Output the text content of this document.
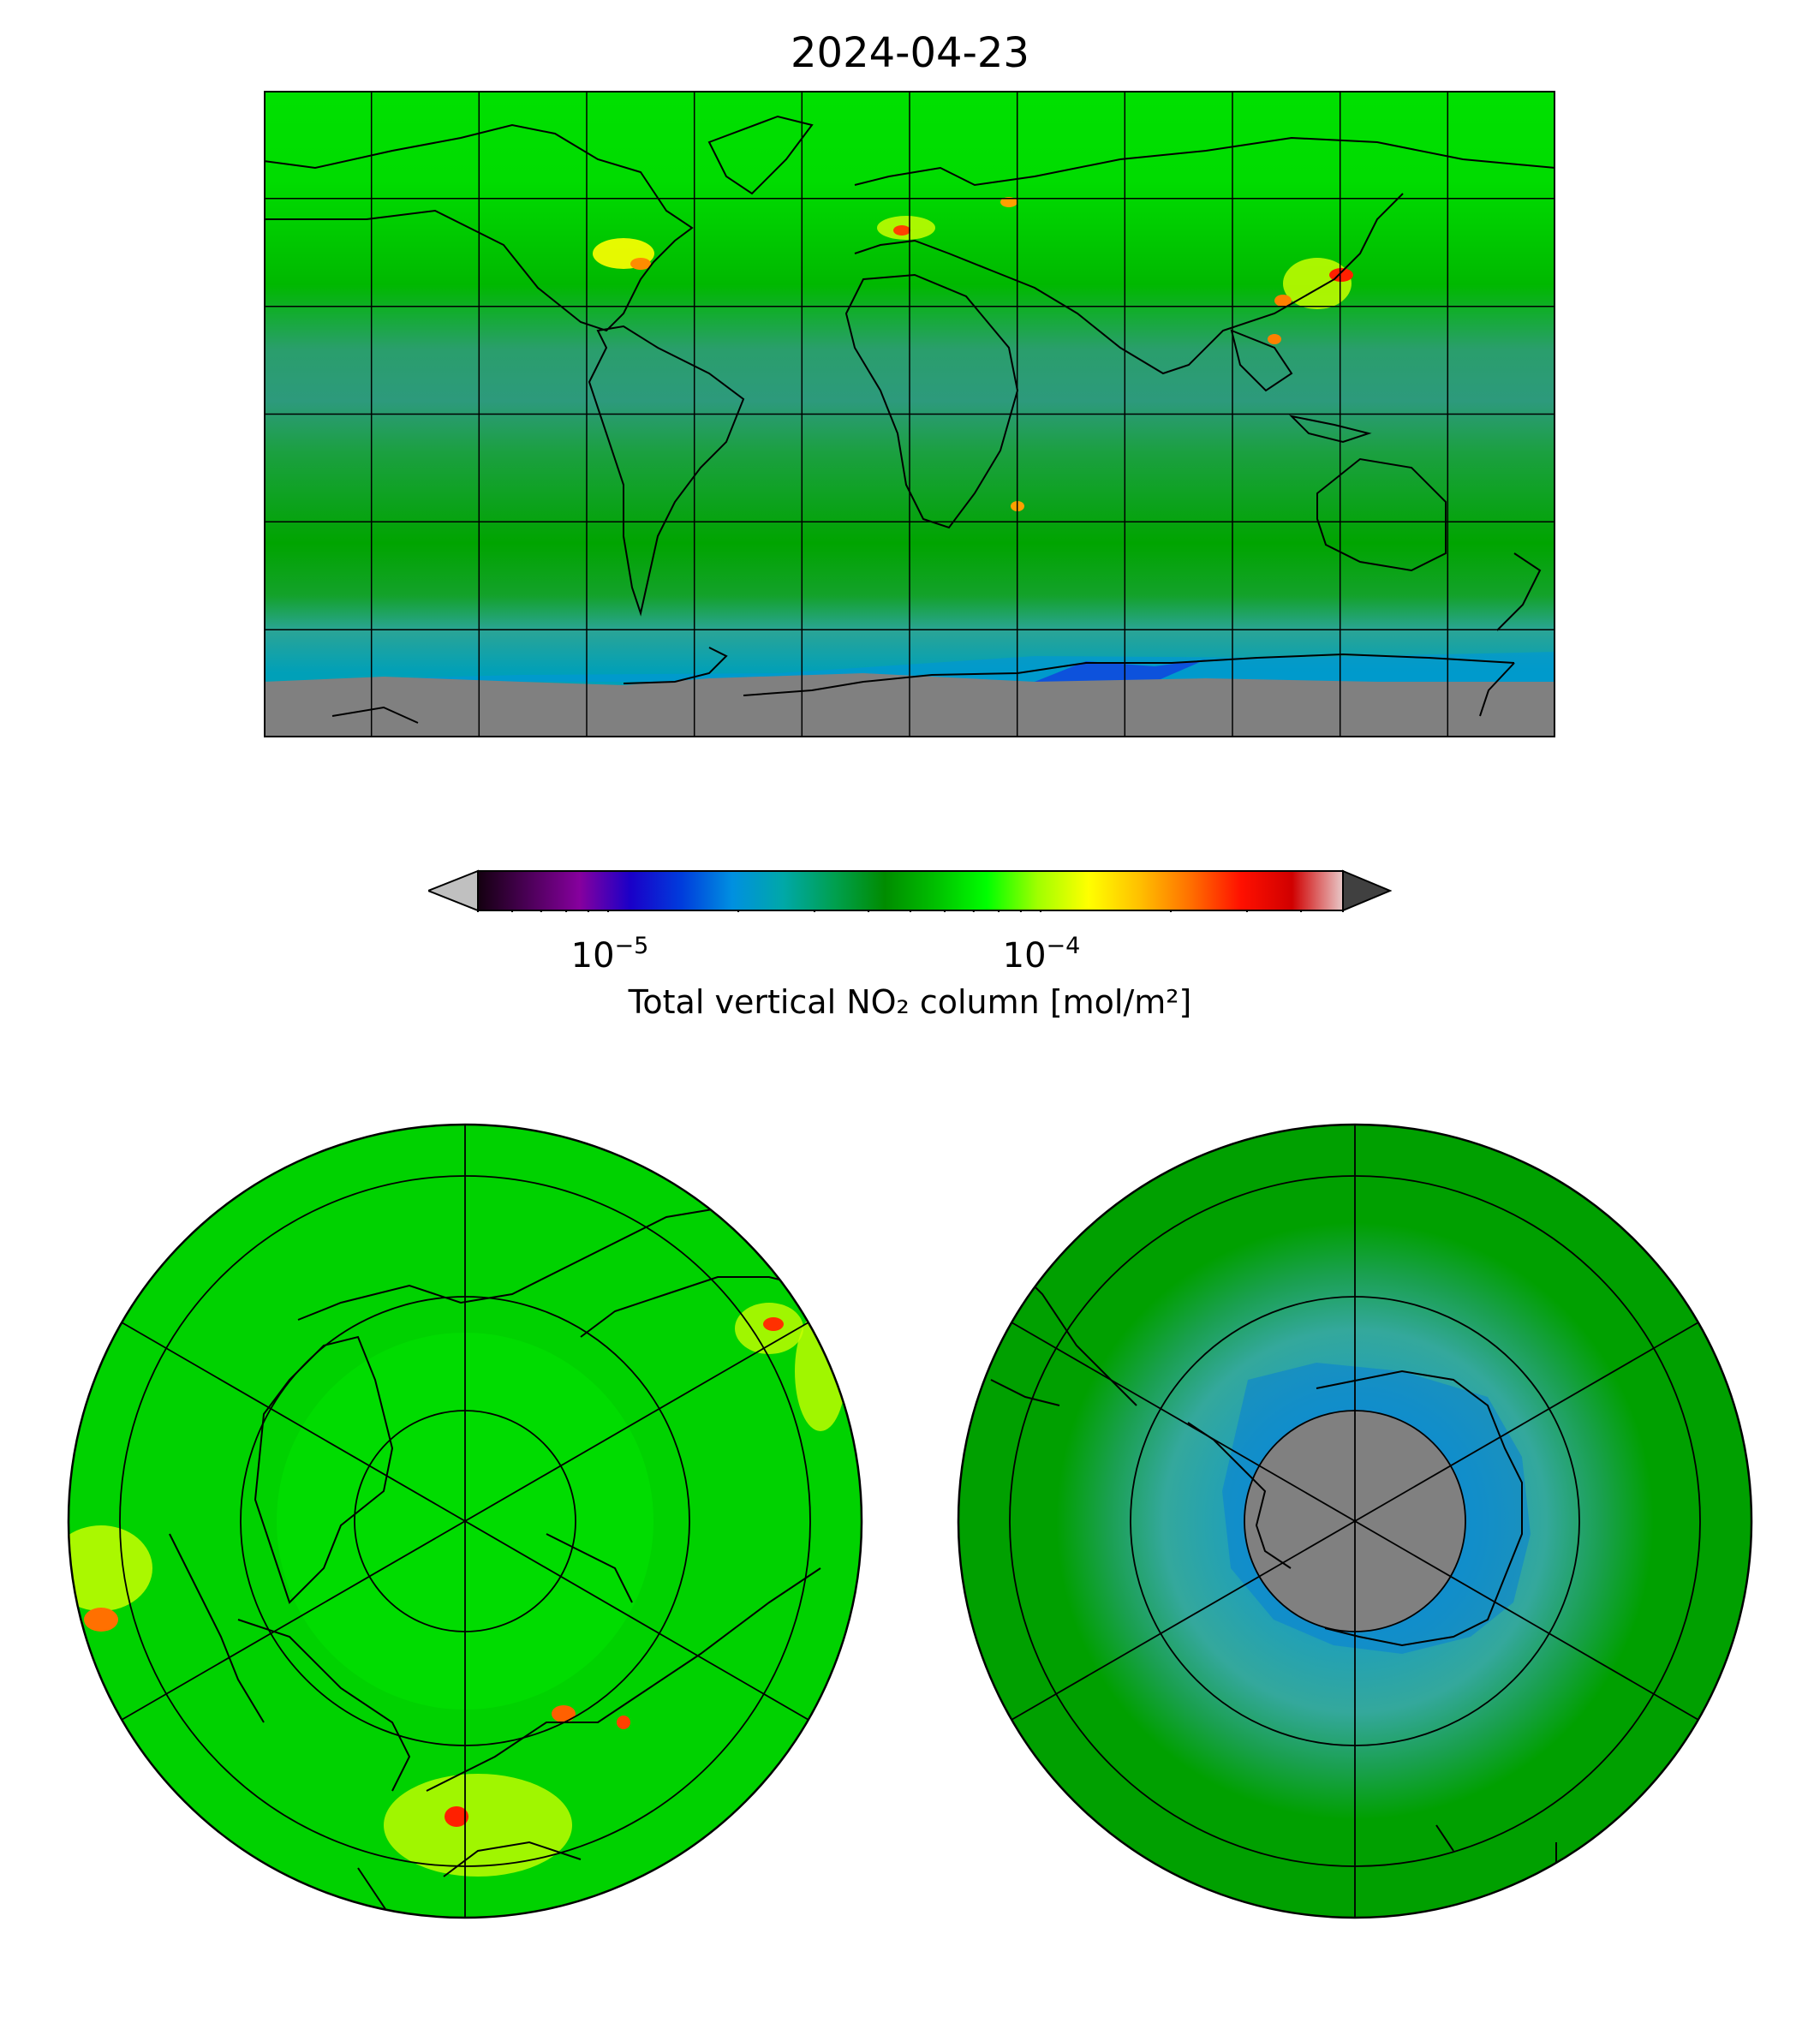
2024-04-23
$10^{-5}$	$10^{-4}$
Total vertical NO₂ column [mol/m²]
